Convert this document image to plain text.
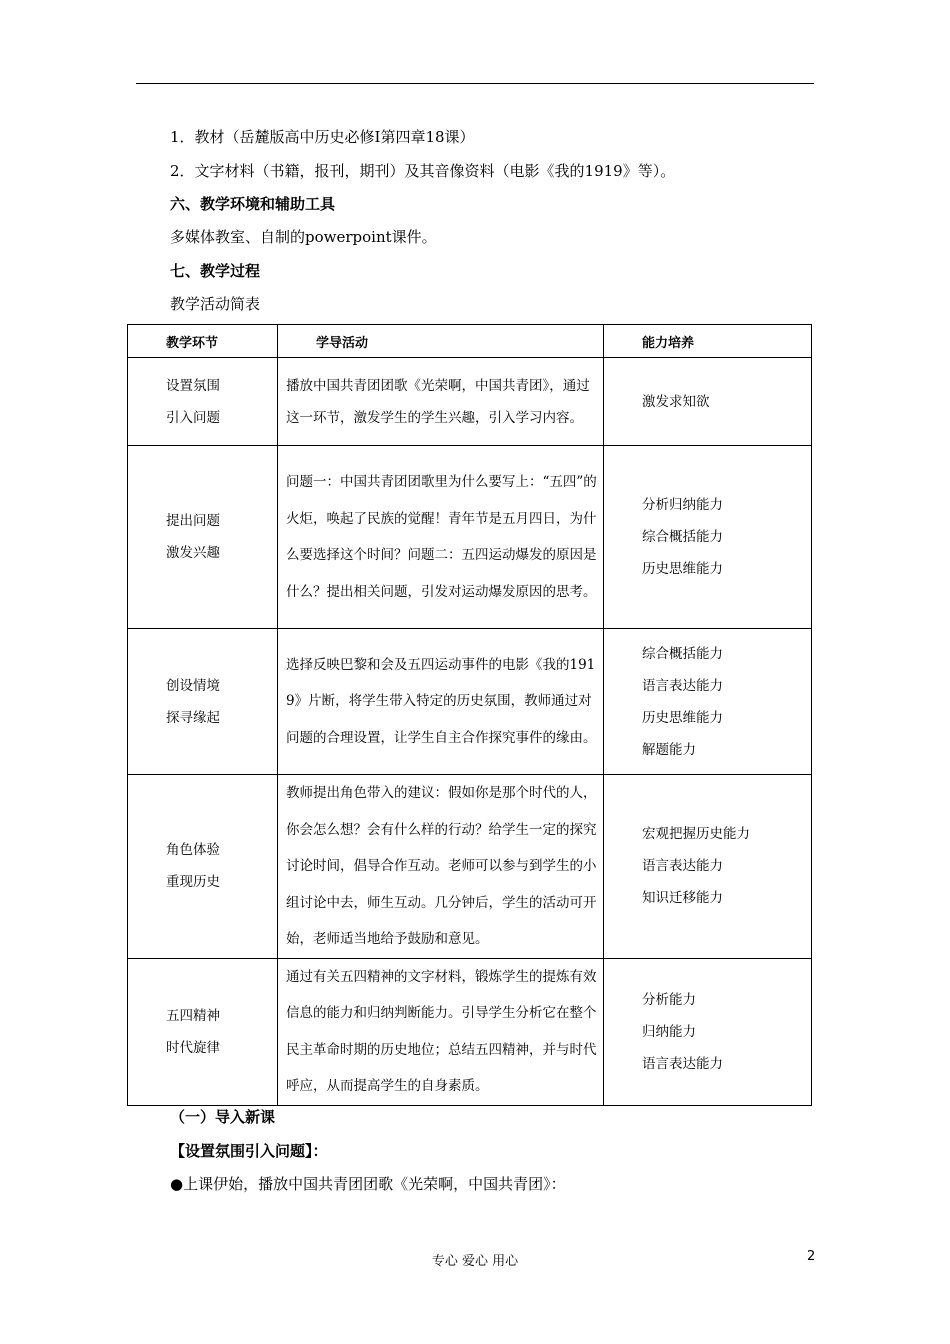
1．教材（岳麓版高中历史必修Ⅰ第四章18课）
2．文字材料（书籍，报刊，期刊）及其音像资料（电影《我的1919》等）。
六、教学环境和辅助工具
多媒体教室、自制的powerpoint课件。
七、教学过程
教学活动简表
教学环节	学导活动	能力培养

设置氛围
引入问题	播放中国共青团团歌《光荣啊，中国共青团》，通过这一环节，激发学生的学生兴趣，引入学习内容。	激发求知欲

提出问题
激发兴趣	问题一：中国共青团团歌里为什么要写上：“五四”的火炬，唤起了民族的觉醒！青年节是五月四日，为什么要选择这个时间？问题二：五四运动爆发的原因是什么？提出相关问题，引发对运动爆发原因的思考。	分析归纳能力
综合概括能力
历史思维能力

创设情境
探寻缘起	选择反映巴黎和会及五四运动事件的电影《我的1919》片断，将学生带入特定的历史氛围，教师通过对问题的合理设置，让学生自主合作探究事件的缘由。	综合概括能力
语言表达能力
历史思维能力
解题能力

角色体验
重现历史	教师提出角色带入的建议：假如你是那个时代的人，你会怎么想？会有什么样的行动？给学生一定的探究讨论时间，倡导合作互动。老师可以参与到学生的小组讨论中去，师生互动。几分钟后，学生的活动可开始，老师适当地给予鼓励和意见。	宏观把握历史能力
语言表达能力
知识迁移能力

五四精神
时代旋律	通过有关五四精神的文字材料，锻炼学生的提炼有效信息的能力和归纳判断能力。引导学生分析它在整个民主革命时期的历史地位；总结五四精神，并与时代呼应，从而提高学生的自身素质。	分析能力
归纳能力
语言表达能力
（一）导入新课
【设置氛围引入问题】：
●上课伊始，播放中国共青团团歌《光荣啊，中国共青团》：
专心 爱心 用心	2
